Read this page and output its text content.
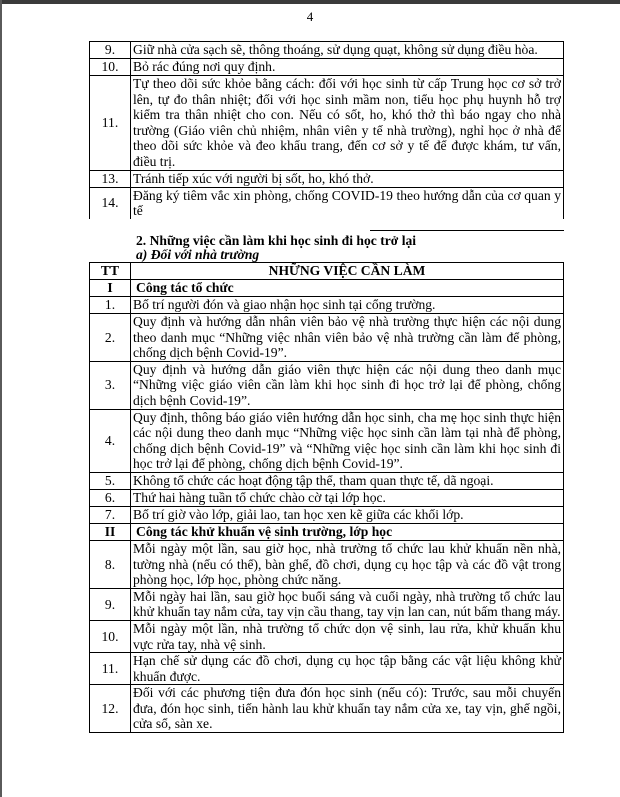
4
9.	Giữ nhà cửa sạch sẽ, thông thoáng, sử dụng quạt, không sử dụng điều hòa.
10.	Bỏ rác đúng nơi quy định.
11.	Tự theo dõi sức khỏe bằng cách: đối với học sinh từ cấp Trung học cơ sở trở lên, tự đo thân nhiệt; đối với học sinh mầm non, tiểu học phụ huynh hỗ trợ kiểm tra thân nhiệt cho con. Nếu có sốt, ho, khó thở thì báo ngay cho nhà trường (Giáo viên chủ nhiệm, nhân viên y tế nhà trường), nghỉ học ở nhà để theo dõi sức khỏe và đeo khẩu trang, đến cơ sở y tế để được khám, tư vấn, điều trị.
13.	Tránh tiếp xúc với người bị sốt, ho, khó thở.
14.	Đăng ký tiêm vắc xin phòng, chống COVID-19 theo hướng dẫn của cơ quan y tế
2. Những việc cần làm khi học sinh đi học trở lại
a) Đối với nhà trường
TT	NHỮNG VIỆC CẦN LÀM
I	Công tác tổ chức
1.	Bố trí người đón và giao nhận học sinh tại cổng trường.
2.	Quy định và hướng dẫn nhân viên bảo vệ nhà trường thực hiện các nội dung theo danh mục “Những việc nhân viên bảo vệ nhà trường cần làm để phòng, chống dịch bệnh Covid-19”.
3.	Quy định và hướng dẫn giáo viên thực hiện các nội dung theo danh mục “Những việc giáo viên cần làm khi học sinh đi học trở lại để phòng, chống dịch bệnh Covid-19”.
4.	Quy định, thông báo giáo viên hướng dẫn học sinh, cha mẹ học sinh thực hiện các nội dung theo danh mục “Những việc học sinh cần làm tại nhà để phòng, chống dịch bệnh Covid-19” và “Những việc học sinh cần làm khi học sinh đi học trở lại để phòng, chống dịch bệnh Covid-19”.
5.	Không tổ chức các hoạt động tập thể, tham quan thực tế, dã ngoại.
6.	Thứ hai hàng tuần tổ chức chào cờ tại lớp học.
7.	Bố trí giờ vào lớp, giải lao, tan học xen kẽ giữa các khối lớp.
II	Công tác khử khuẩn vệ sinh trường, lớp học
8.	Mỗi ngày một lần, sau giờ học, nhà trường tổ chức lau khử khuẩn nền nhà, tường nhà (nếu có thể), bàn ghế, đồ chơi, dụng cụ học tập và các đồ vật trong phòng học, lớp học, phòng chức năng.
9.	Mỗi ngày hai lần, sau giờ học buổi sáng và cuối ngày, nhà trường tổ chức lau khử khuẩn tay nắm cửa, tay vịn cầu thang, tay vịn lan can, nút bấm thang máy.
10.	Mỗi ngày một lần, nhà trường tổ chức dọn vệ sinh, lau rửa, khử khuẩn khu vực rửa tay, nhà vệ sinh.
11.	Hạn chế sử dụng các đồ chơi, dụng cụ học tập bằng các vật liệu không khử khuẩn được.
12.	Đối với các phương tiện đưa đón học sinh (nếu có): Trước, sau mỗi chuyến đưa, đón học sinh, tiến hành lau khử khuẩn tay nắm cửa xe, tay vịn, ghế ngồi, cửa sổ, sàn xe.
